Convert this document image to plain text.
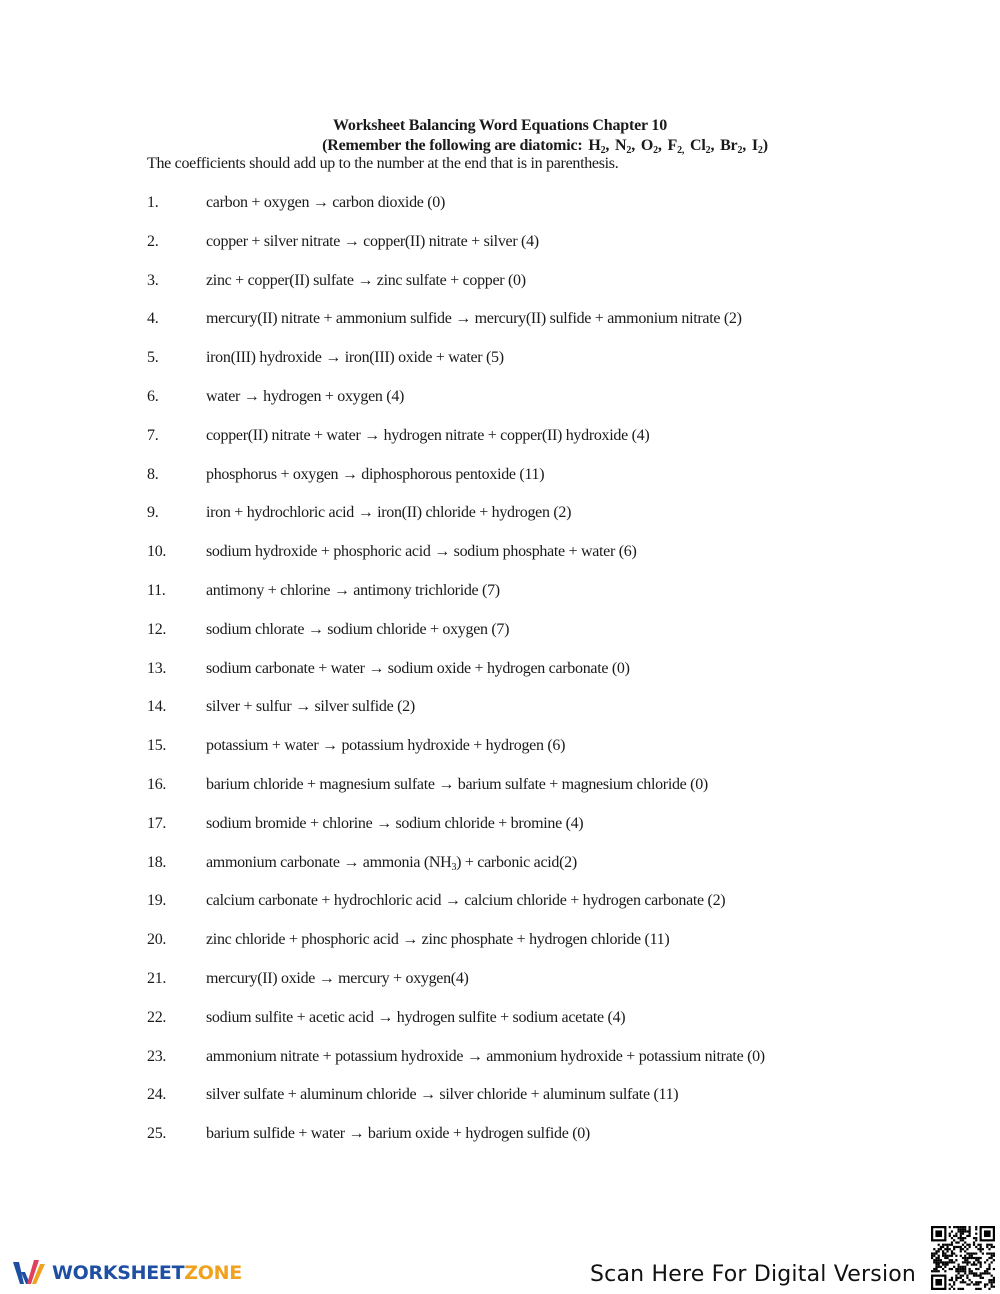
Worksheet Balancing Word Equations Chapter 10
(Remember the following are diatomic: $H_2$, $N_2$, $O_2$, $F_{2,}$ $Cl_2$, $Br_2$, $I_2$)
The coefficients should add up to the number at the end that is in parenthesis.
1.	carbon + oxygen → carbon dioxide (0)
2.	copper + silver nitrate → copper(II) nitrate + silver (4)
3.	zinc + copper(II) sulfate → zinc sulfate + copper (0)
4.	mercury(II) nitrate + ammonium sulfide → mercury(II) sulfide + ammonium nitrate (2)
5.	iron(III) hydroxide → iron(III) oxide + water (5)
6.	water → hydrogen + oxygen (4)
7.	copper(II) nitrate + water → hydrogen nitrate + copper(II) hydroxide (4)
8.	phosphorus + oxygen → diphosphorous pentoxide (11)
9.	iron + hydrochloric acid → iron(II) chloride + hydrogen (2)
10. sodium hydroxide + phosphoric acid → sodium phosphate + water (6)
11.	antimony + chlorine → antimony trichloride (7)
12. sodium chlorate → sodium chloride + oxygen (7)
13. sodium carbonate + water → sodium oxide + hydrogen carbonate (0)
14. silver + sulfur → silver sulfide (2)
15. potassium + water → potassium hydroxide + hydrogen (6)
16. barium chloride + magnesium sulfate → barium sulfate + magnesium chloride (0)
17. sodium bromide + chlorine → sodium chloride + bromine (4)
18. ammonium carbonate → ammonia $(NH_3)$ + carbonic acid(2)
19. calcium carbonate + hydrochloric acid → calcium chloride + hydrogen carbonate (2)
20. zinc chloride + phosphoric acid → zinc phosphate + hydrogen chloride (11)
21. mercury(II) oxide → mercury + oxygen(4)
22. sodium sulfite + acetic acid → hydrogen sulfite + sodium acetate (4)
23. ammonium nitrate + potassium hydroxide → ammonium hydroxide + potassium nitrate (0)
24. silver sulfate + aluminum chloride → silver chloride + aluminum sulfate (11)
25. barium sulfide + water → barium oxide + hydrogen sulfide (0)
WORKSHEETZONE	Scan Here For Digital Version
